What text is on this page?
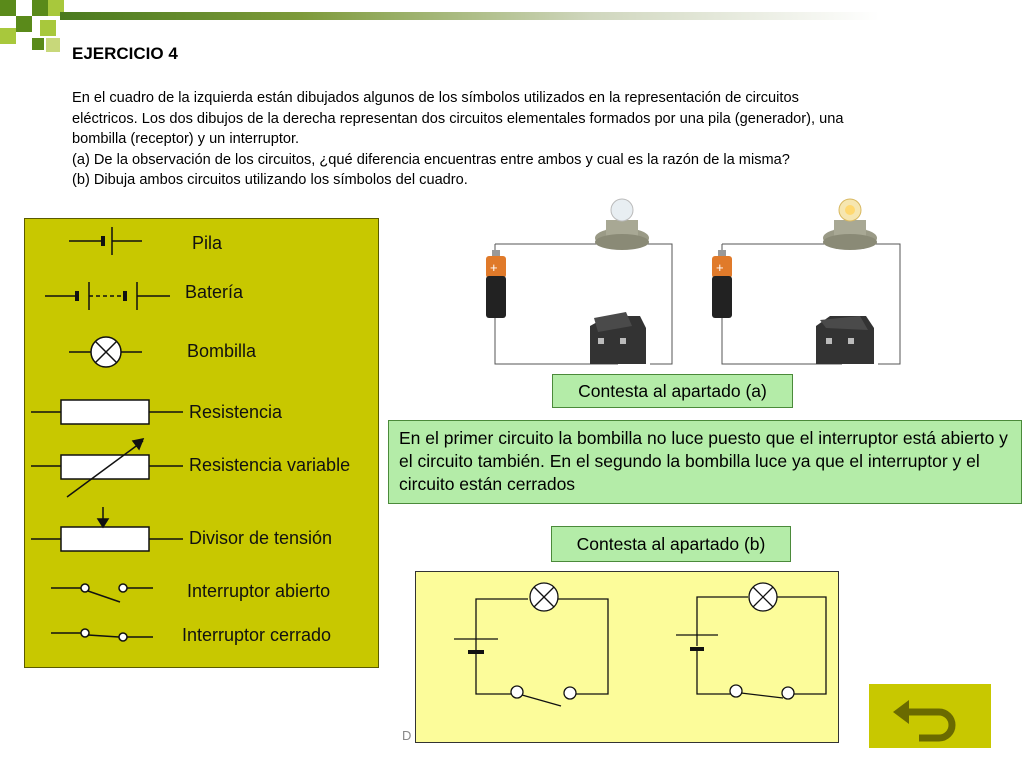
EJERCICIO 4

En el cuadro de la izquierda están dibujados algunos de los símbolos utilizados en la representación de circuitos

eléctricos. Los dos dibujos de la derecha representan dos circuitos elementales formados por una pila (generador), una

bombilla (receptor) y un interruptor.

(a) De la observación de los circuitos, ¿qué diferencia encuentras entre ambos y cual es la razón de la misma?

(b) Dibuja ambos circuitos utilizando los símbolos del cuadro.

Pila
Batería
Bombilla
Resistencia
Resistencia variable
Divisor de tensión
Interruptor abierto
Interruptor cerrado
+	+
Contesta al apartado (a)
En el primer circuito la bombilla no luce puesto que el interruptor está abierto y el circuito también. En el segundo la bombilla luce ya que el interruptor y el circuito están cerrados
Contesta al apartado (b)
D
